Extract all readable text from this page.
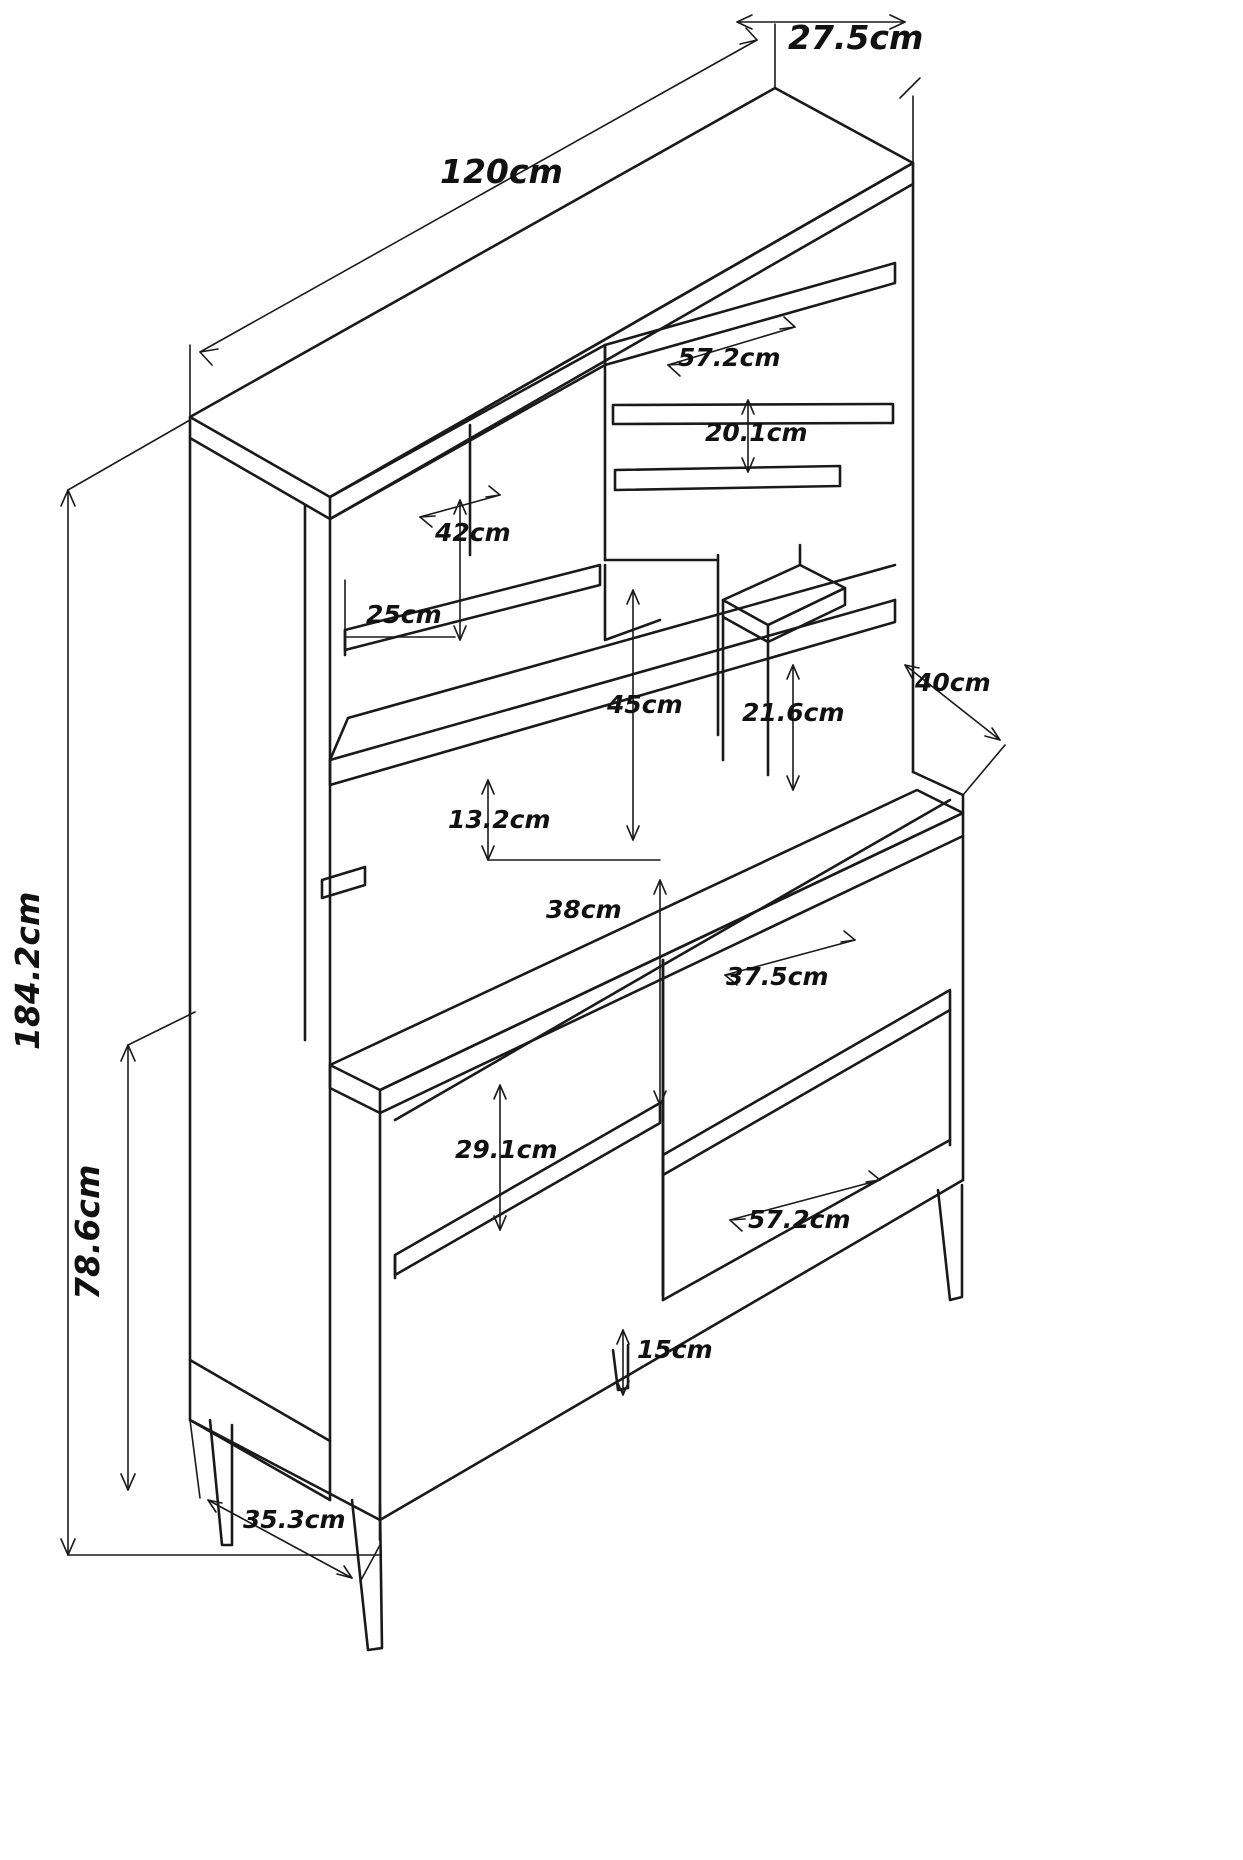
27.5cm
120cm
57.2cm
20.1cm
42cm
25cm
45cm 21.6cm
40cm
13.2cm
38cm
37.5cm
29.1cm
57.2cm
15cm
35.3cm
184.2cm
78.6cm
